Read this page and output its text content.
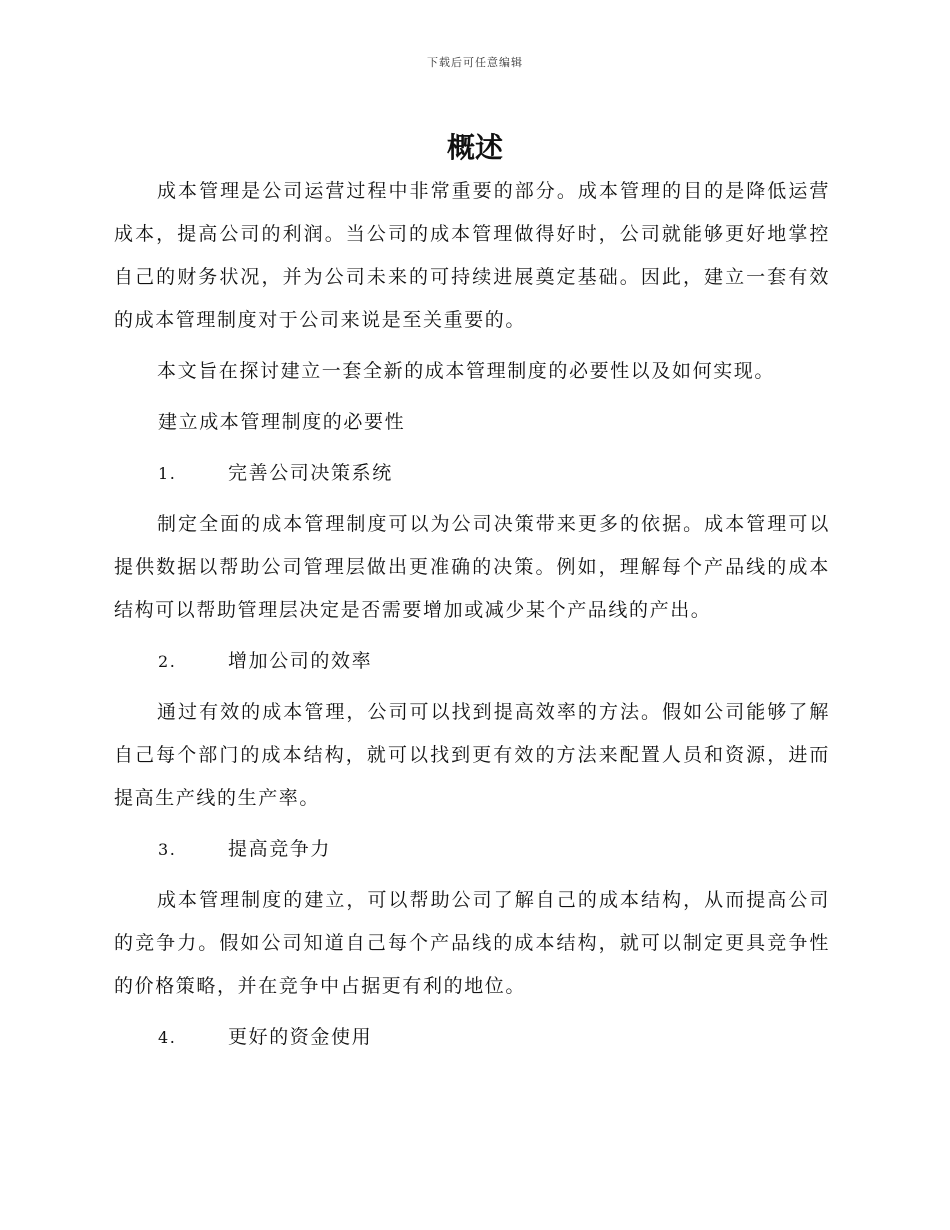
下载后可任意编辑
概述

成本管理是公司运营过程中非常重要的部分。成本管理的目的是降低运营成本，提高公司的利润。当公司的成本管理做得好时，公司就能够更好地掌控自己的财务状况，并为公司未来的可持续进展奠定基础。因此，建立一套有效的成本管理制度对于公司来说是至关重要的。

本文旨在探讨建立一套全新的成本管理制度的必要性以及如何实现。

建立成本管理制度的必要性
1.	完善公司决策系统

制定全面的成本管理制度可以为公司决策带来更多的依据。成本管理可以提供数据以帮助公司管理层做出更准确的决策。例如，理解每个产品线的成本结构可以帮助管理层决定是否需要增加或减少某个产品线的产出。

2.	增加公司的效率

通过有效的成本管理，公司可以找到提高效率的方法。假如公司能够了解自己每个部门的成本结构，就可以找到更有效的方法来配置人员和资源，进而提高生产线的生产率。

3.	提高竞争力

成本管理制度的建立，可以帮助公司了解自己的成本结构，从而提高公司的竞争力。假如公司知道自己每个产品线的成本结构，就可以制定更具竞争性的价格策略，并在竞争中占据更有利的地位。

4.	更好的资金使用
